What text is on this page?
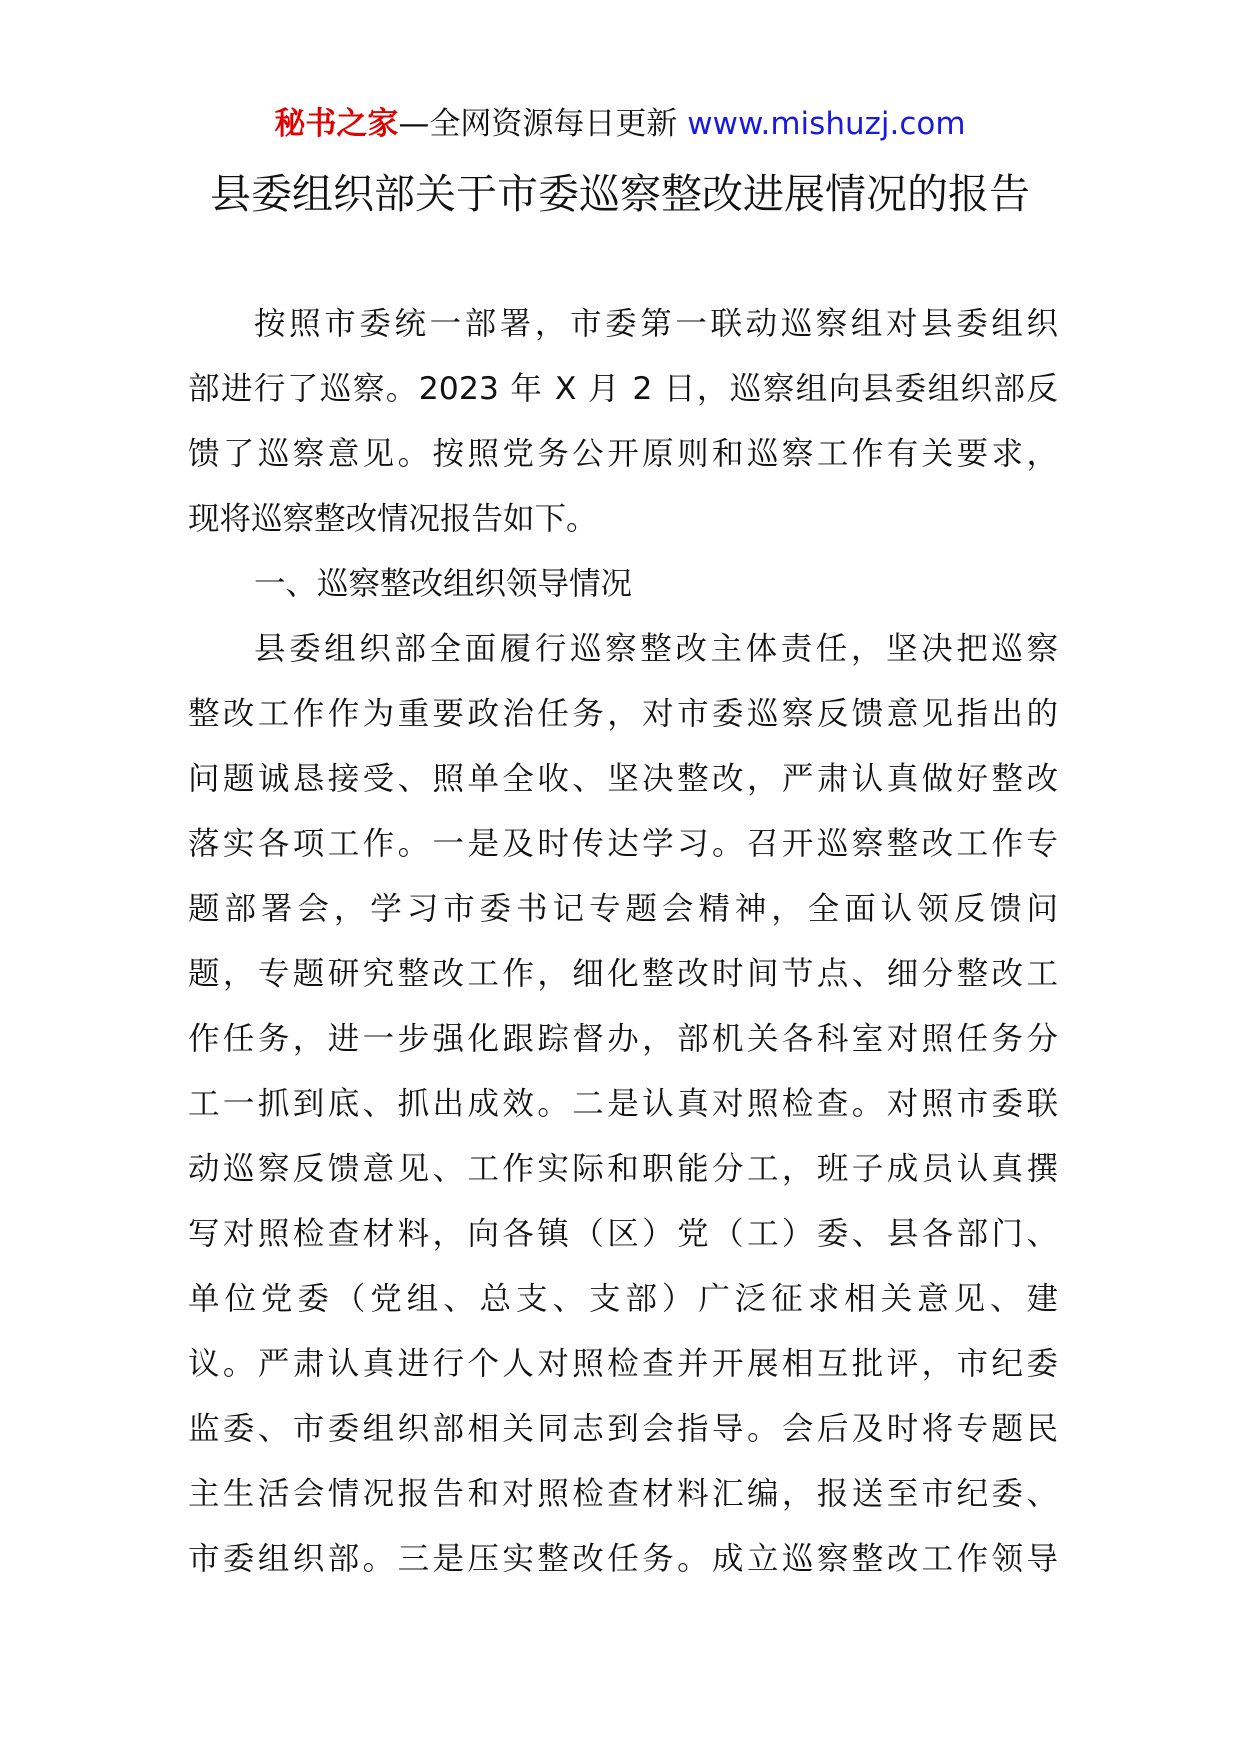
秘书之家—全网资源每日更新 www.mishuzj.com
县委组织部关于市委巡察整改进展情况的报告
按照市委统一部署，市委第一联动巡察组对县委组织
部进行了巡察。2023 年 X 月 2 日，巡察组向县委组织部反
馈了巡察意见。按照党务公开原则和巡察工作有关要求，
现将巡察整改情况报告如下。
一、巡察整改组织领导情况
县委组织部全面履行巡察整改主体责任，坚决把巡察
整改工作作为重要政治任务，对市委巡察反馈意见指出的
问题诚恳接受、照单全收、坚决整改，严肃认真做好整改
落实各项工作。一是及时传达学习。召开巡察整改工作专
题部署会，学习市委书记专题会精神，全面认领反馈问
题，专题研究整改工作，细化整改时间节点、细分整改工
作任务，进一步强化跟踪督办，部机关各科室对照任务分
工一抓到底、抓出成效。二是认真对照检查。对照市委联
动巡察反馈意见、工作实际和职能分工，班子成员认真撰
写对照检查材料，向各镇（区）党（工）委、县各部门、
单位党委（党组、总支、支部）广泛征求相关意见、建
议。严肃认真进行个人对照检查并开展相互批评，市纪委
监委、市委组织部相关同志到会指导。会后及时将专题民
主生活会情况报告和对照检查材料汇编，报送至市纪委、
市委组织部。三是压实整改任务。成立巡察整改工作领导
